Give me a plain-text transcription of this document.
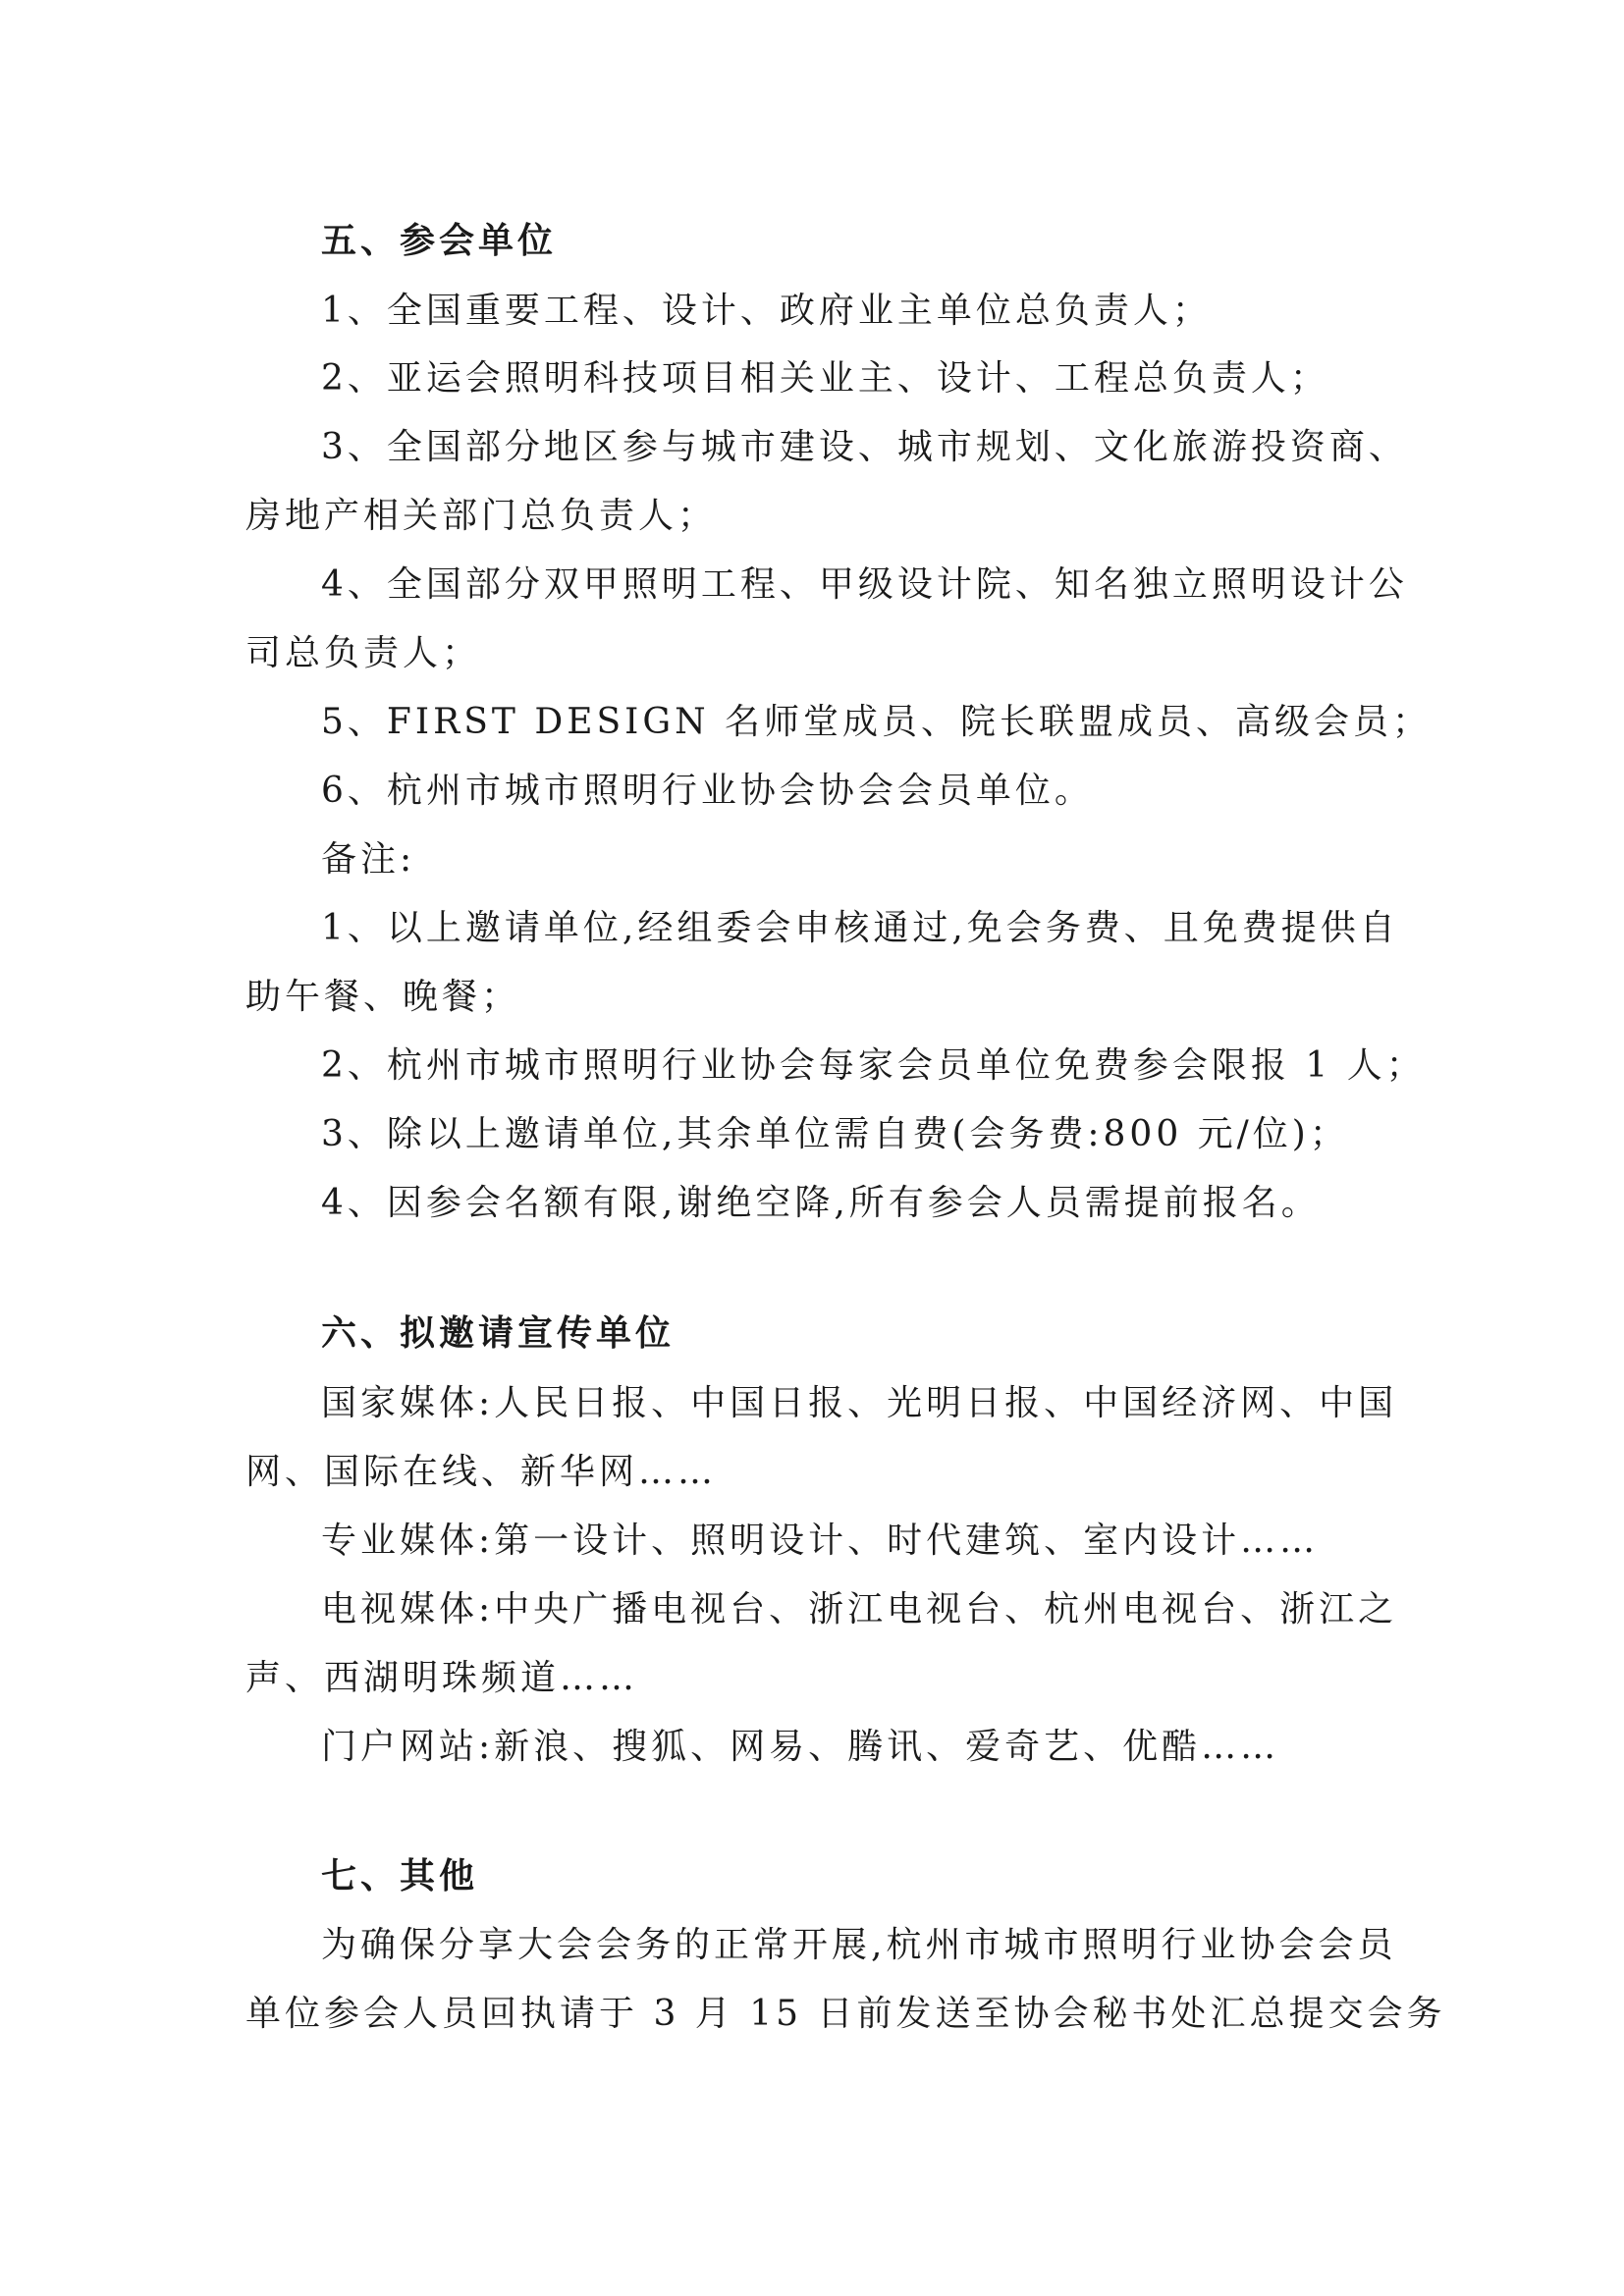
五、参会单位

1、全国重要工程、设计、政府业主单位总负责人；

2、亚运会照明科技项目相关业主、设计、工程总负责人；

3、全国部分地区参与城市建设、城市规划、文化旅游投资商、

房地产相关部门总负责人；

4、全国部分双甲照明工程、甲级设计院、知名独立照明设计公

司总负责人；

5、FIRST DESIGN 名师堂成员、院长联盟成员、高级会员；

6、杭州市城市照明行业协会协会会员单位。

备注:

1、以上邀请单位,经组委会申核通过,免会务费、且免费提供自

助午餐、晚餐；

2、杭州市城市照明行业协会每家会员单位免费参会限报 1 人；

3、除以上邀请单位,其余单位需自费(会务费:800 元/位)；

4、因参会名额有限,谢绝空降,所有参会人员需提前报名。

六、拟邀请宣传单位

国家媒体:人民日报、中国日报、光明日报、中国经济网、中国

网、国际在线、新华网……

专业媒体:第一设计、照明设计、时代建筑、室内设计……

电视媒体:中央广播电视台、浙江电视台、杭州电视台、浙江之

声、西湖明珠频道……

门户网站:新浪、搜狐、网易、腾讯、爱奇艺、优酷……

七、其他

为确保分享大会会务的正常开展,杭州市城市照明行业协会会员

单位参会人员回执请于 3 月 15 日前发送至协会秘书处汇总提交会务
